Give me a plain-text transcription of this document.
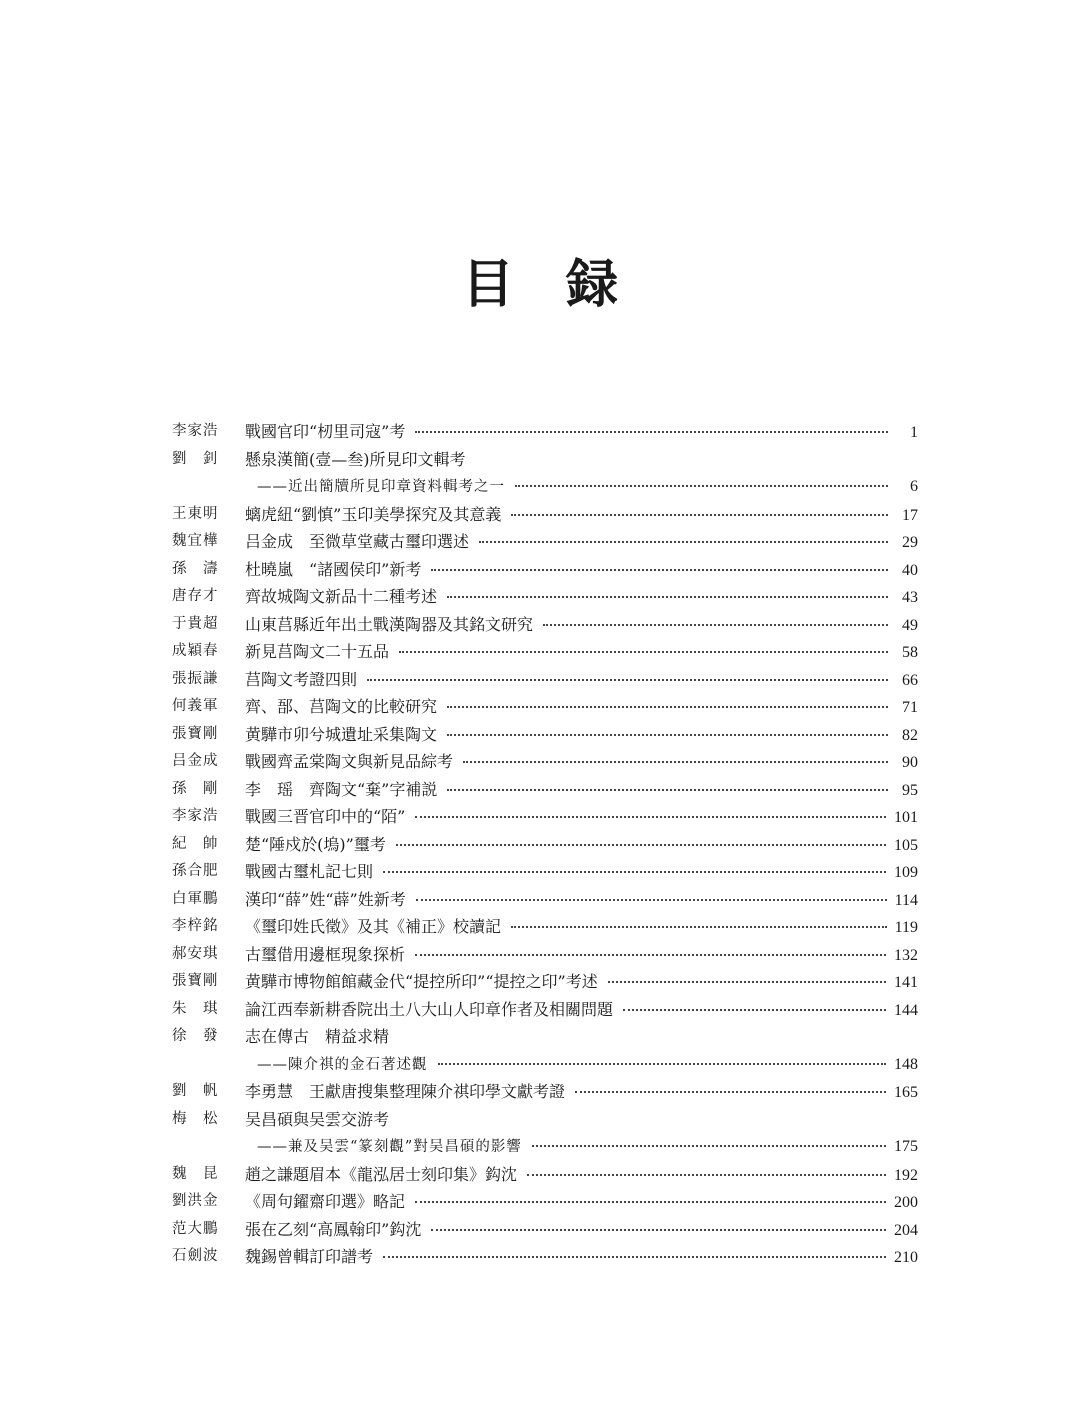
目　録
李家浩	戰國官印“杒里司寇”考	1
劉　釗	懸泉漢簡(壹—叁)所見印文輯考
——近出簡牘所見印章資料輯考之一	6
王東明	螭虎紐“劉慎”玉印美學探究及其意義	17
魏宜樺	吕金成　至微草堂藏古璽印選述	29
孫　濤	杜曉嵐　“諸國侯印”新考	40
唐存才	齊故城陶文新品十二種考述	43
于貴超	山東莒縣近年出土戰漢陶器及其銘文研究	49
成穎春	新見莒陶文二十五品	58
張振謙	莒陶文考證四則	66
何義軍	齊、郚、莒陶文的比較研究	71
張寶剛	黄驊市卯兮城遺址采集陶文	82
吕金成	戰國齊孟棠陶文與新見品綜考	90
孫　剛	李　瑶　齊陶文“棄”字補説	95
李家浩	戰國三晋官印中的“陌”	101
紀　帥	楚“陲戍於(塢)”璽考	105
孫合肥	戰國古璽札記七則	109
白軍鵬	漢印“薛”姓“薜”姓新考	114
李梓銘	《璽印姓氏徵》及其《補正》校讀記	119
郝安琪	古璽借用邊框現象探析	132
張寶剛	黄驊市博物館館藏金代“提控所印”“提控之印”考述	141
朱　琪	論江西奉新耕香院出土八大山人印章作者及相關問題	144
徐　發	志在傳古　精益求精
——陳介祺的金石著述觀	148
劉　帆	李勇慧　王獻唐搜集整理陳介祺印學文獻考證	165
梅　松	吴昌碩與吴雲交游考
——兼及吴雲“篆刻觀”對吴昌碩的影響	175
魏　昆	趙之謙題眉本《龍泓居士刻印集》鈎沈	192
劉洪金	《周句鑃齋印選》略記	200
范大鵬	張在乙刻“高鳳翰印”鈎沈	204
石劍波	魏錫曾輯訂印譜考	210
